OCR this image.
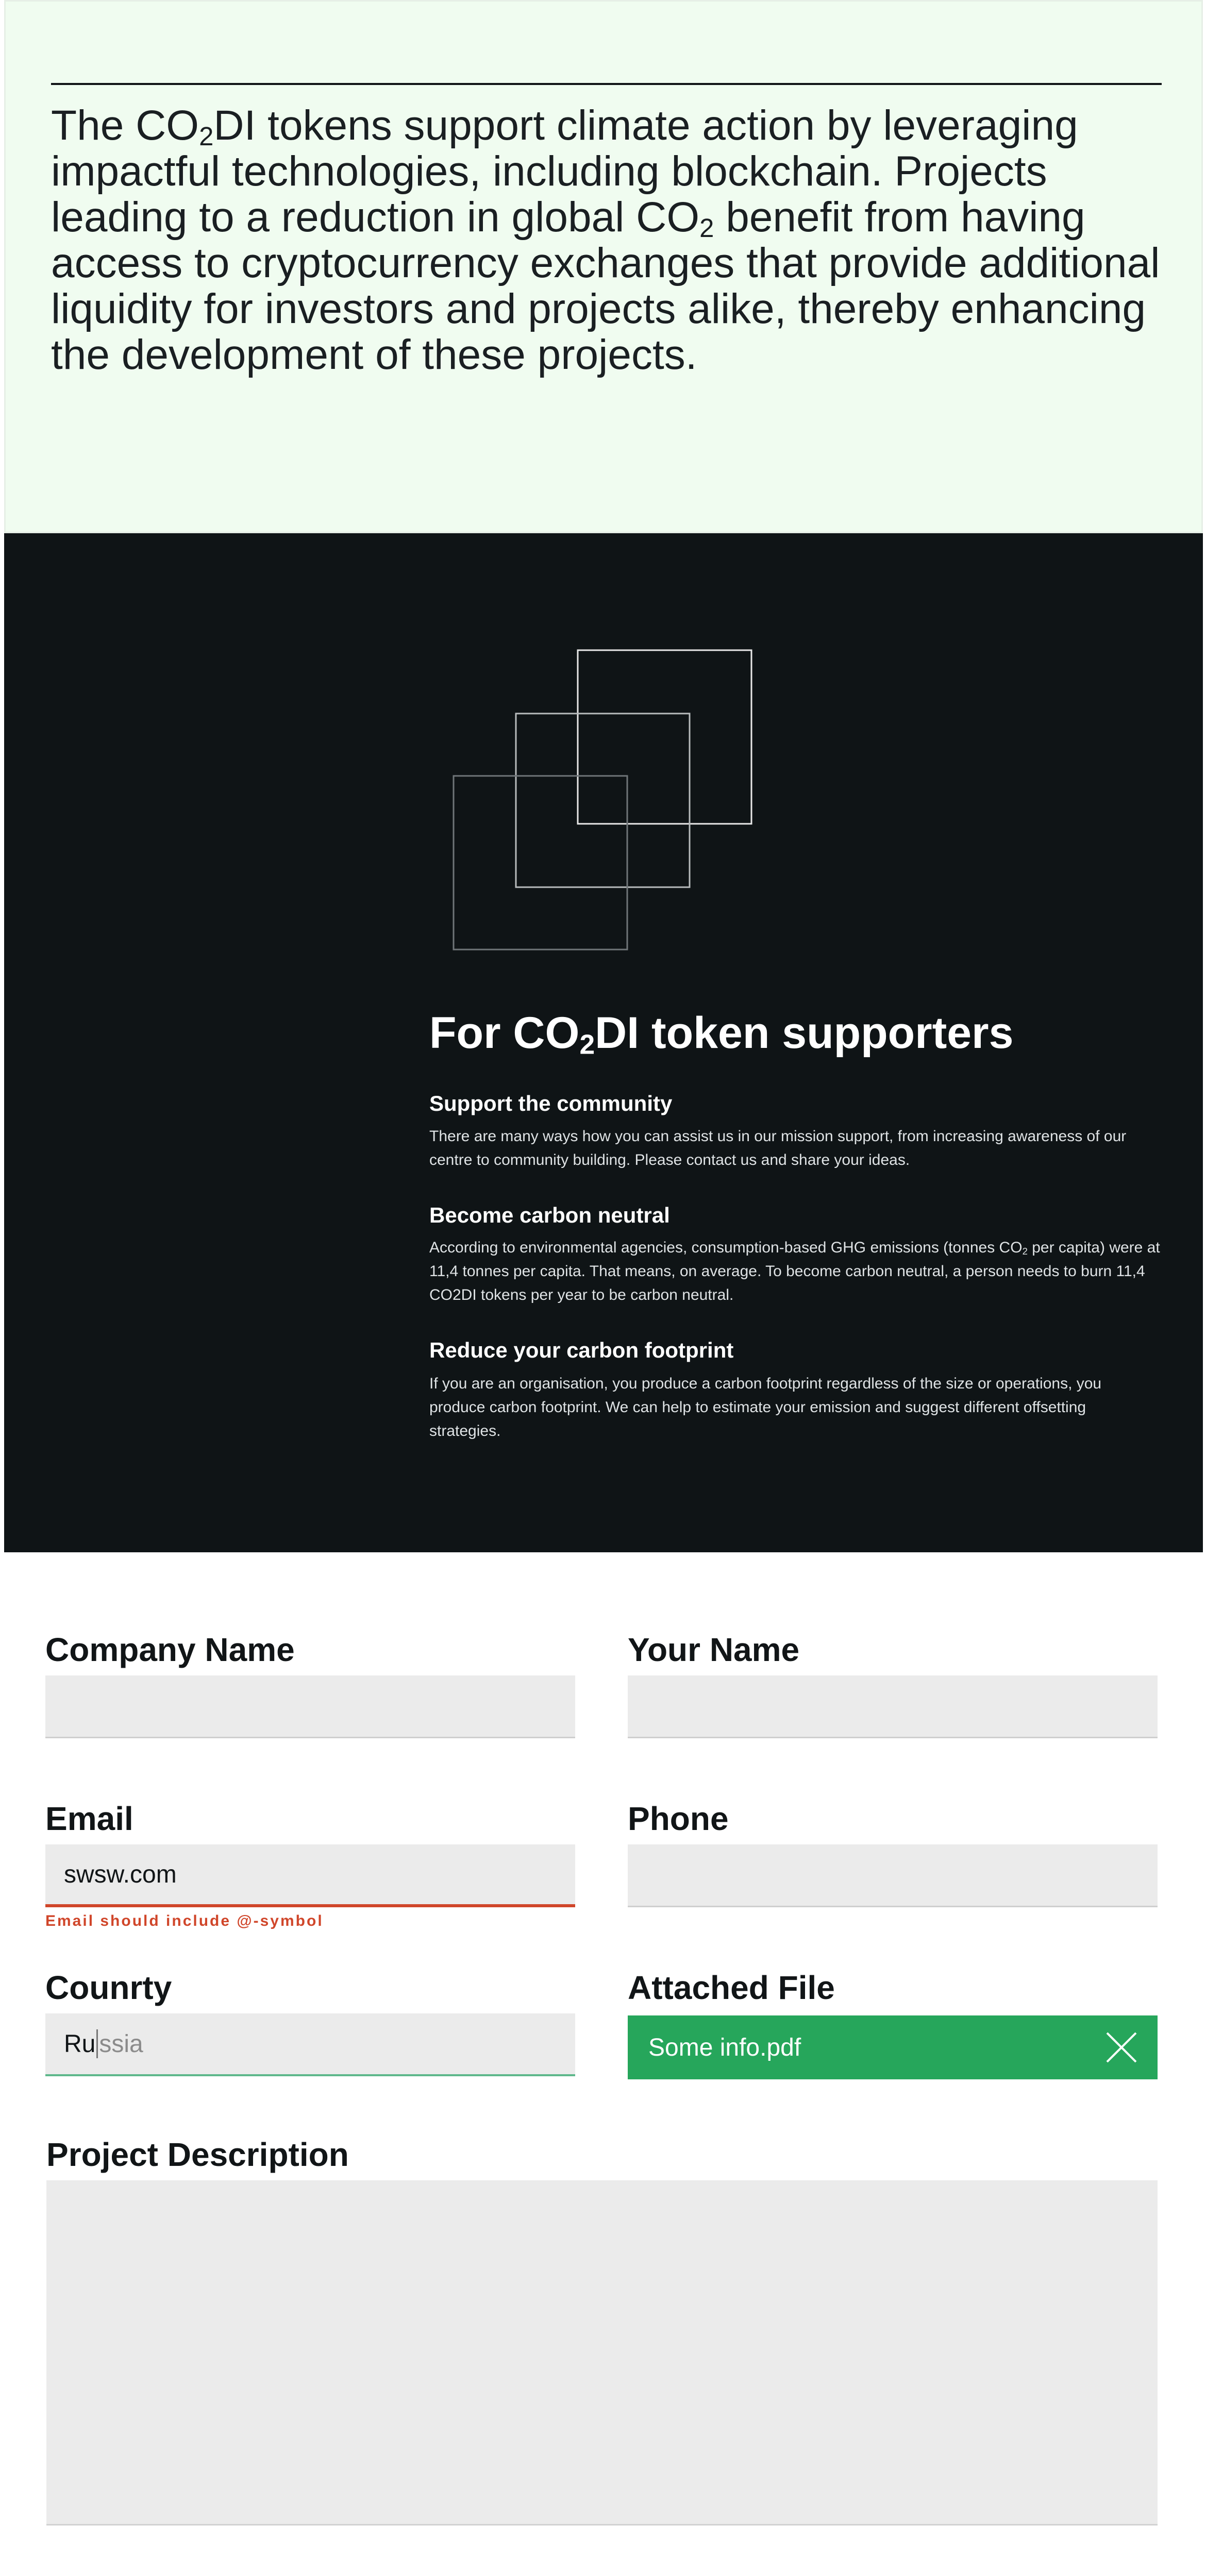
The $CO_2DI$ tokens support climate action by leveraging impactful technologies, including blockchain. Projects leading to a reduction in global $CO_2$ benefit from having access to cryptocurrency exchanges that provide additional liquidity for investors and projects alike, thereby enhancing the development of these projects.

For $CO_2DI$ token supporters
Support the community

There are many ways how you can assist us in our mission support, from increasing awareness of our centre to community building. Please contact us and share your ideas.

Become carbon neutral

According to environmental agencies, consumption-based GHG emissions (tonnes $CO_2$ per capita) were at 11,4 tonnes per capita. That means, on average. To become carbon neutral, a person needs to burn 11,4 CO2DI tokens per year to be carbon neutral.

Reduce your carbon footprint

If you are an organisation, you produce a carbon footprint regardless of the size or operations, you produce carbon footprint. We can help to estimate your emission and suggest different offsetting strategies.

Company Name	Your Name
Email
swsw.com
Email should include @-symbol
Phone
Counrty
Ru ssia
Attached File
Some info.pdf
Project Description
